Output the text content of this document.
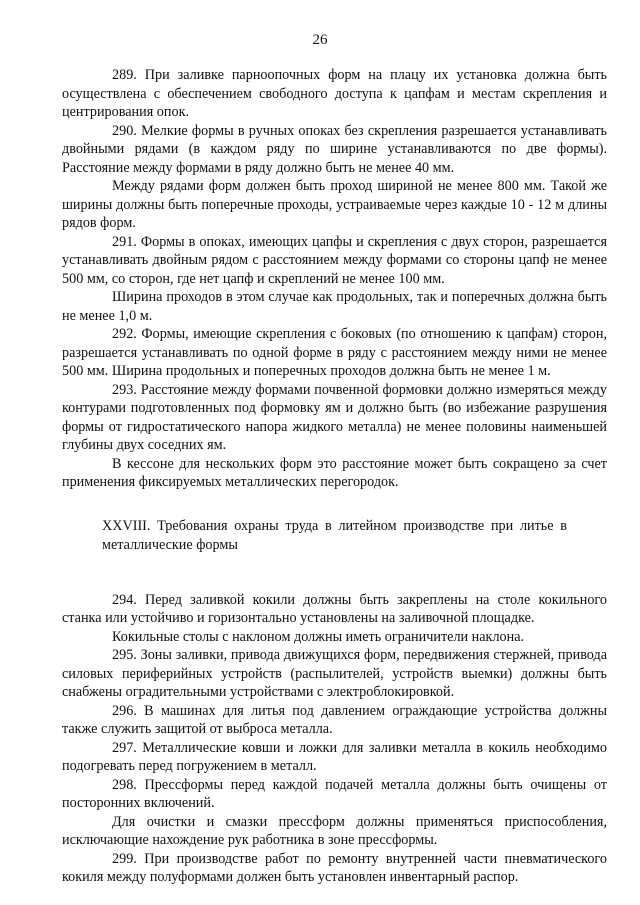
26

289. При заливке парноопочных форм на плацу их установка должна быть осуществлена с обеспечением свободного доступа к цапфам и местам скрепления и центрирования опок.

290. Мелкие формы в ручных опоках без скрепления разрешается устанавливать двойными рядами (в каждом ряду по ширине устанавливаются по две формы). Расстояние между формами в ряду должно быть не менее 40 мм.

Между рядами форм должен быть проход шириной не менее 800 мм. Такой же ширины должны быть поперечные проходы, устраиваемые через каждые 10 - 12 м длины рядов форм.

291. Формы в опоках, имеющих цапфы и скрепления с двух сторон, разрешается устанавливать двойным рядом с расстоянием между формами со стороны цапф не менее 500 мм, со сторон, где нет цапф и скреплений не менее 100 мм.

Ширина проходов в этом случае как продольных, так и поперечных должна быть не менее 1,0 м.

292. Формы, имеющие скрепления с боковых (по отношению к цапфам) сторон, разрешается устанавливать по одной форме в ряду с расстоянием между ними не менее 500 мм. Ширина продольных и поперечных проходов должна быть не менее 1 м.

293. Расстояние между формами почвенной формовки должно измеряться между контурами подготовленных под формовку ям и должно быть (во избежание разрушения формы от гидростатического напора жидкого металла) не менее половины наименьшей глубины двух соседних ям.

В кессоне для нескольких форм это расстояние может быть сокращено за счет применения фиксируемых металлических перегородок.

XXVIII. Требования охраны труда в литейном производстве при литье в металлические формы

294. Перед заливкой кокили должны быть закреплены на столе кокильного станка или устойчиво и горизонтально установлены на заливочной площадке.

Кокильные столы с наклоном должны иметь ограничители наклона.

295. Зоны заливки, привода движущихся форм, передвижения стержней, привода силовых периферийных устройств (распылителей, устройств выемки) должны быть снабжены оградительными устройствами с электроблокировкой.

296. В машинах для литья под давлением ограждающие устройства должны также служить защитой от выброса металла.

297. Металлические ковши и ложки для заливки металла в кокиль необходимо подогревать перед погружением в металл.

298. Прессформы перед каждой подачей металла должны быть очищены от посторонних включений.

Для очистки и смазки прессформ должны применяться приспособления, исключающие нахождение рук работника в зоне прессформы.

299. При производстве работ по ремонту внутренней части пневматического кокиля между полуформами должен быть установлен инвентарный распор.
